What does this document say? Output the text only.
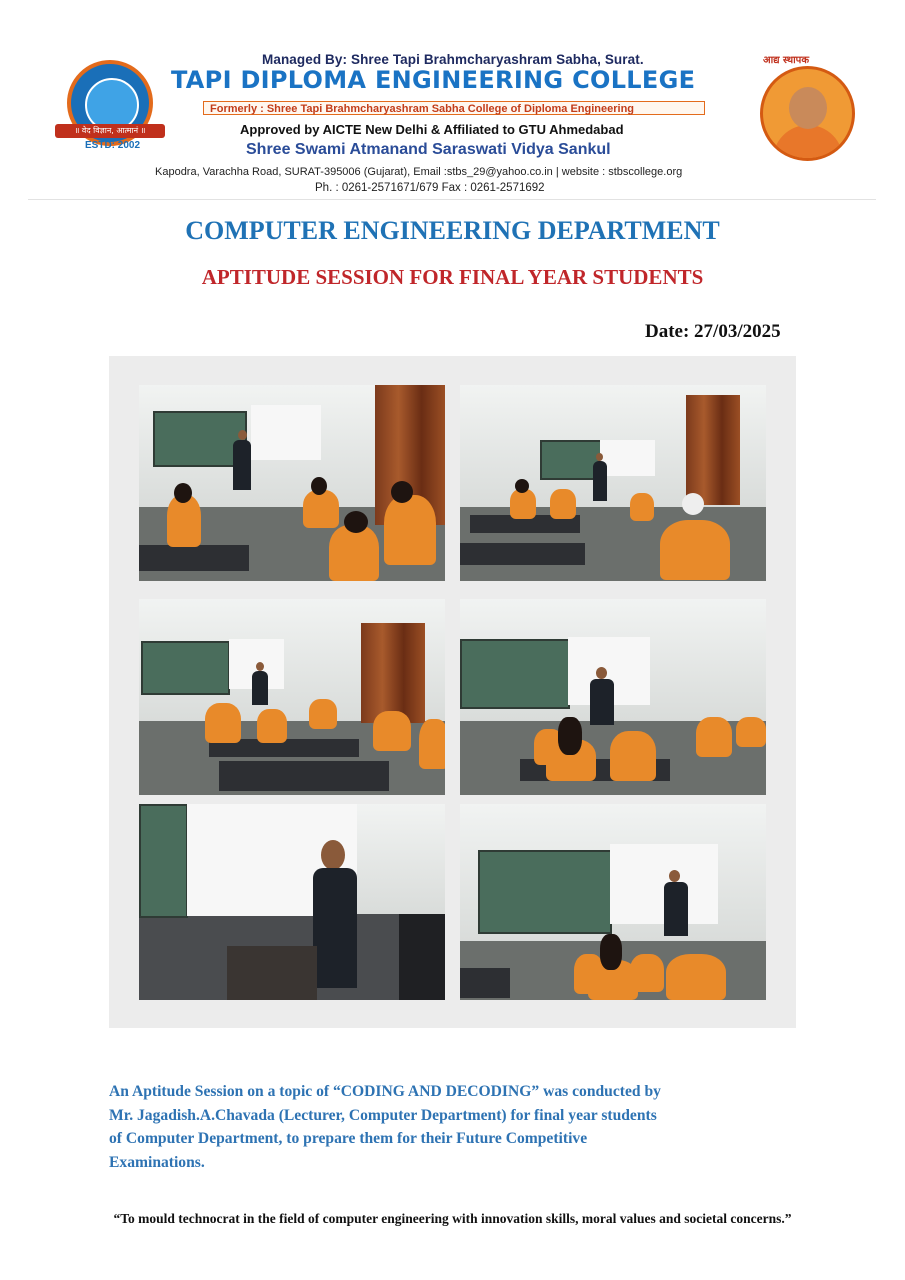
॥ वेद विज्ञान, आत्मानं ॥
ESTD: 2002
Managed By: Shree Tapi Brahmcharyashram Sabha, Surat.
TAPI DIPLOMA ENGINEERING COLLEGE
Formerly : Shree Tapi Brahmcharyashram Sabha College of Diploma Engineering
Approved by AICTE New Delhi & Affiliated to GTU Ahmedabad
Shree Swami Atmanand Saraswati Vidya Sankul
Kapodra, Varachha Road, SURAT-395006 (Gujarat), Email :stbs_29@yahoo.co.in | website : stbscollege.org
Ph. : 0261-2571671/679 Fax : 0261-2571692
आद्य स्थापक
COMPUTER ENGINEERING DEPARTMENT
APTITUDE SESSION FOR FINAL YEAR STUDENTS
Date: 27/03/2025
An Aptitude Session on a topic of “CODING AND DECODING” was conducted by
Mr. Jagadish.A.Chavada (Lecturer, Computer Department) for final year students
of Computer Department, to prepare them for their Future Competitive
Examinations.
“To mould technocrat in the field of computer engineering with innovation skills, moral values and societal concerns.”
